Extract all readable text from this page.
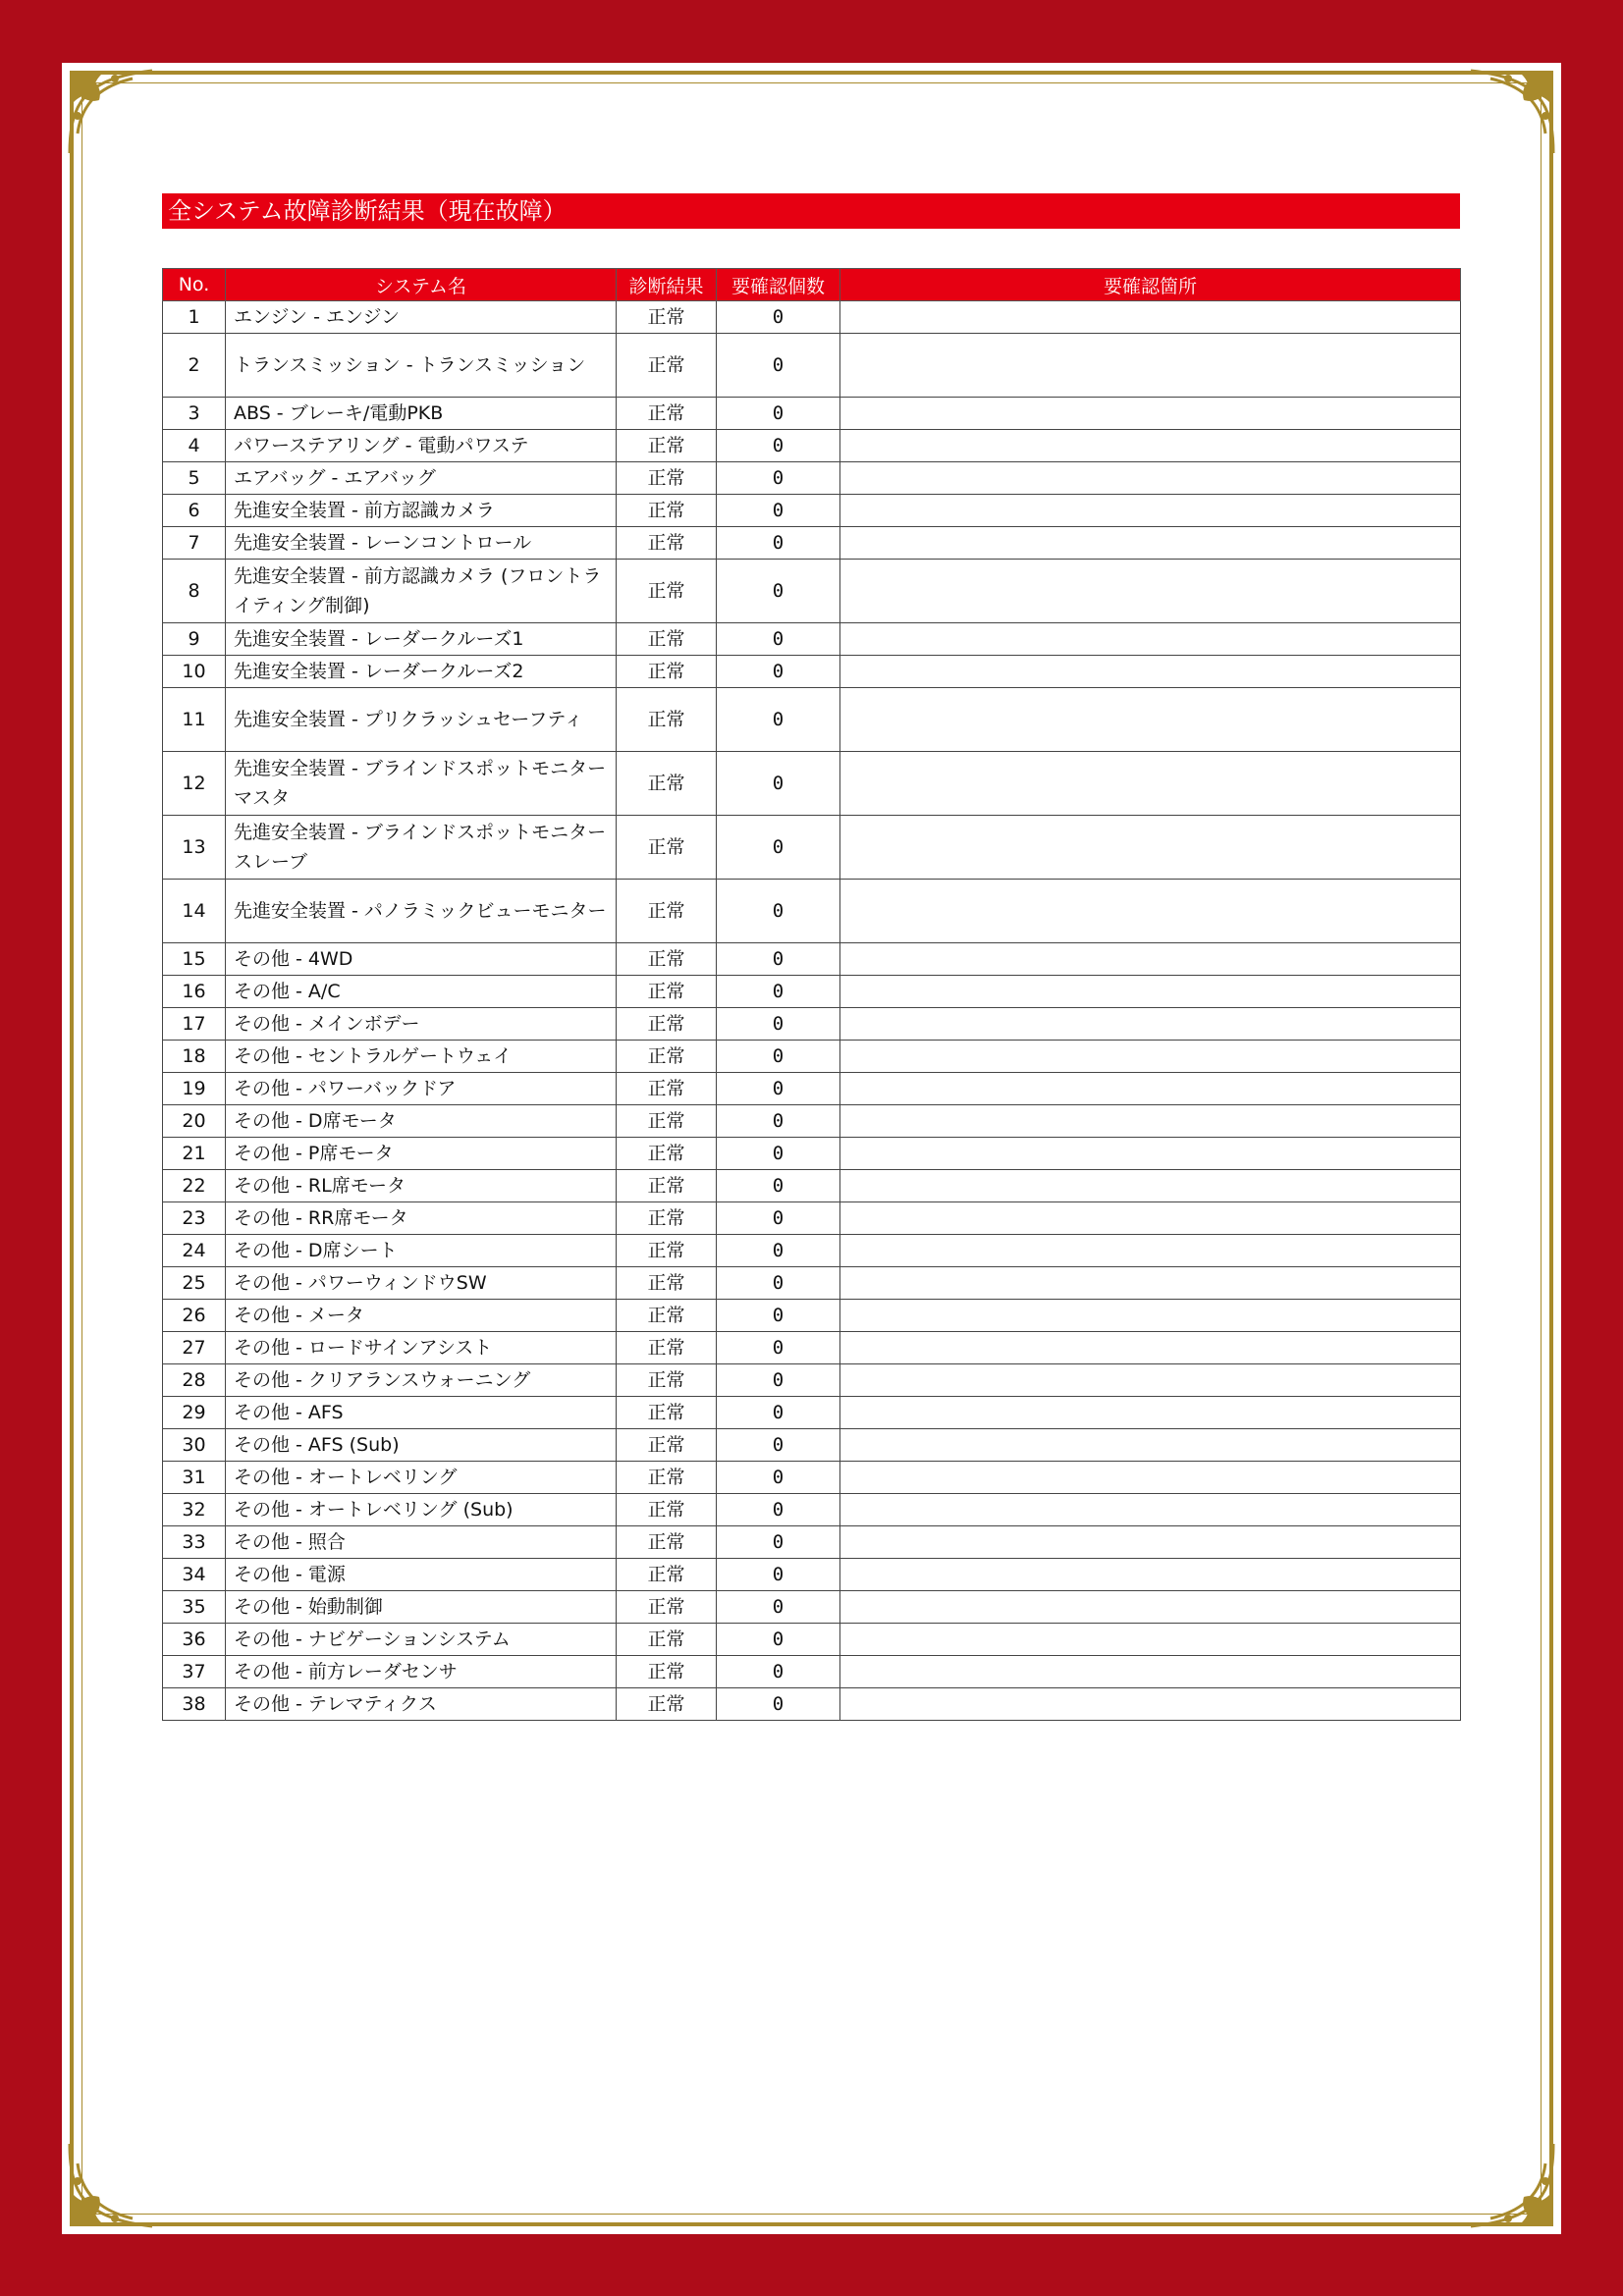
全システム故障診断結果（現在故障）
No.	システム名	診断結果	要確認個数	要確認箇所
1	エンジン - エンジン	正常	0	
2	トランスミッション - トランスミッション	正常	0	
3	ABS - ブレーキ/電動PKB	正常	0	
4	パワーステアリング - 電動パワステ	正常	0	
5	エアバッグ - エアバッグ	正常	0	
6	先進安全装置 - 前方認識カメラ	正常	0	
7	先進安全装置 - レーンコントロール	正常	0	
8	先進安全装置 - 前方認識カメラ (フロントライティング制御)	正常	0	
9	先進安全装置 - レーダークルーズ1	正常	0	
10	先進安全装置 - レーダークルーズ2	正常	0	
11	先進安全装置 - プリクラッシュセーフティ	正常	0	
12	先進安全装置 - ブラインドスポットモニター マスタ	正常	0	
13	先進安全装置 - ブラインドスポットモニター スレーブ	正常	0	
14	先進安全装置 - パノラミックビューモニター	正常	0	
15	その他 - 4WD	正常	0	
16	その他 - A/C	正常	0	
17	その他 - メインボデー	正常	0	
18	その他 - セントラルゲートウェイ	正常	0	
19	その他 - パワーバックドア	正常	0	
20	その他 - D席モータ	正常	0	
21	その他 - P席モータ	正常	0	
22	その他 - RL席モータ	正常	0	
23	その他 - RR席モータ	正常	0	
24	その他 - D席シート	正常	0	
25	その他 - パワーウィンドウSW	正常	0	
26	その他 - メータ	正常	0	
27	その他 - ロードサインアシスト	正常	0	
28	その他 - クリアランスウォーニング	正常	0	
29	その他 - AFS	正常	0	
30	その他 - AFS (Sub)	正常	0	
31	その他 - オートレベリング	正常	0	
32	その他 - オートレベリング (Sub)	正常	0	
33	その他 - 照合	正常	0	
34	その他 - 電源	正常	0	
35	その他 - 始動制御	正常	0	
36	その他 - ナビゲーションシステム	正常	0	
37	その他 - 前方レーダセンサ	正常	0	
38	その他 - テレマティクス	正常	0	
